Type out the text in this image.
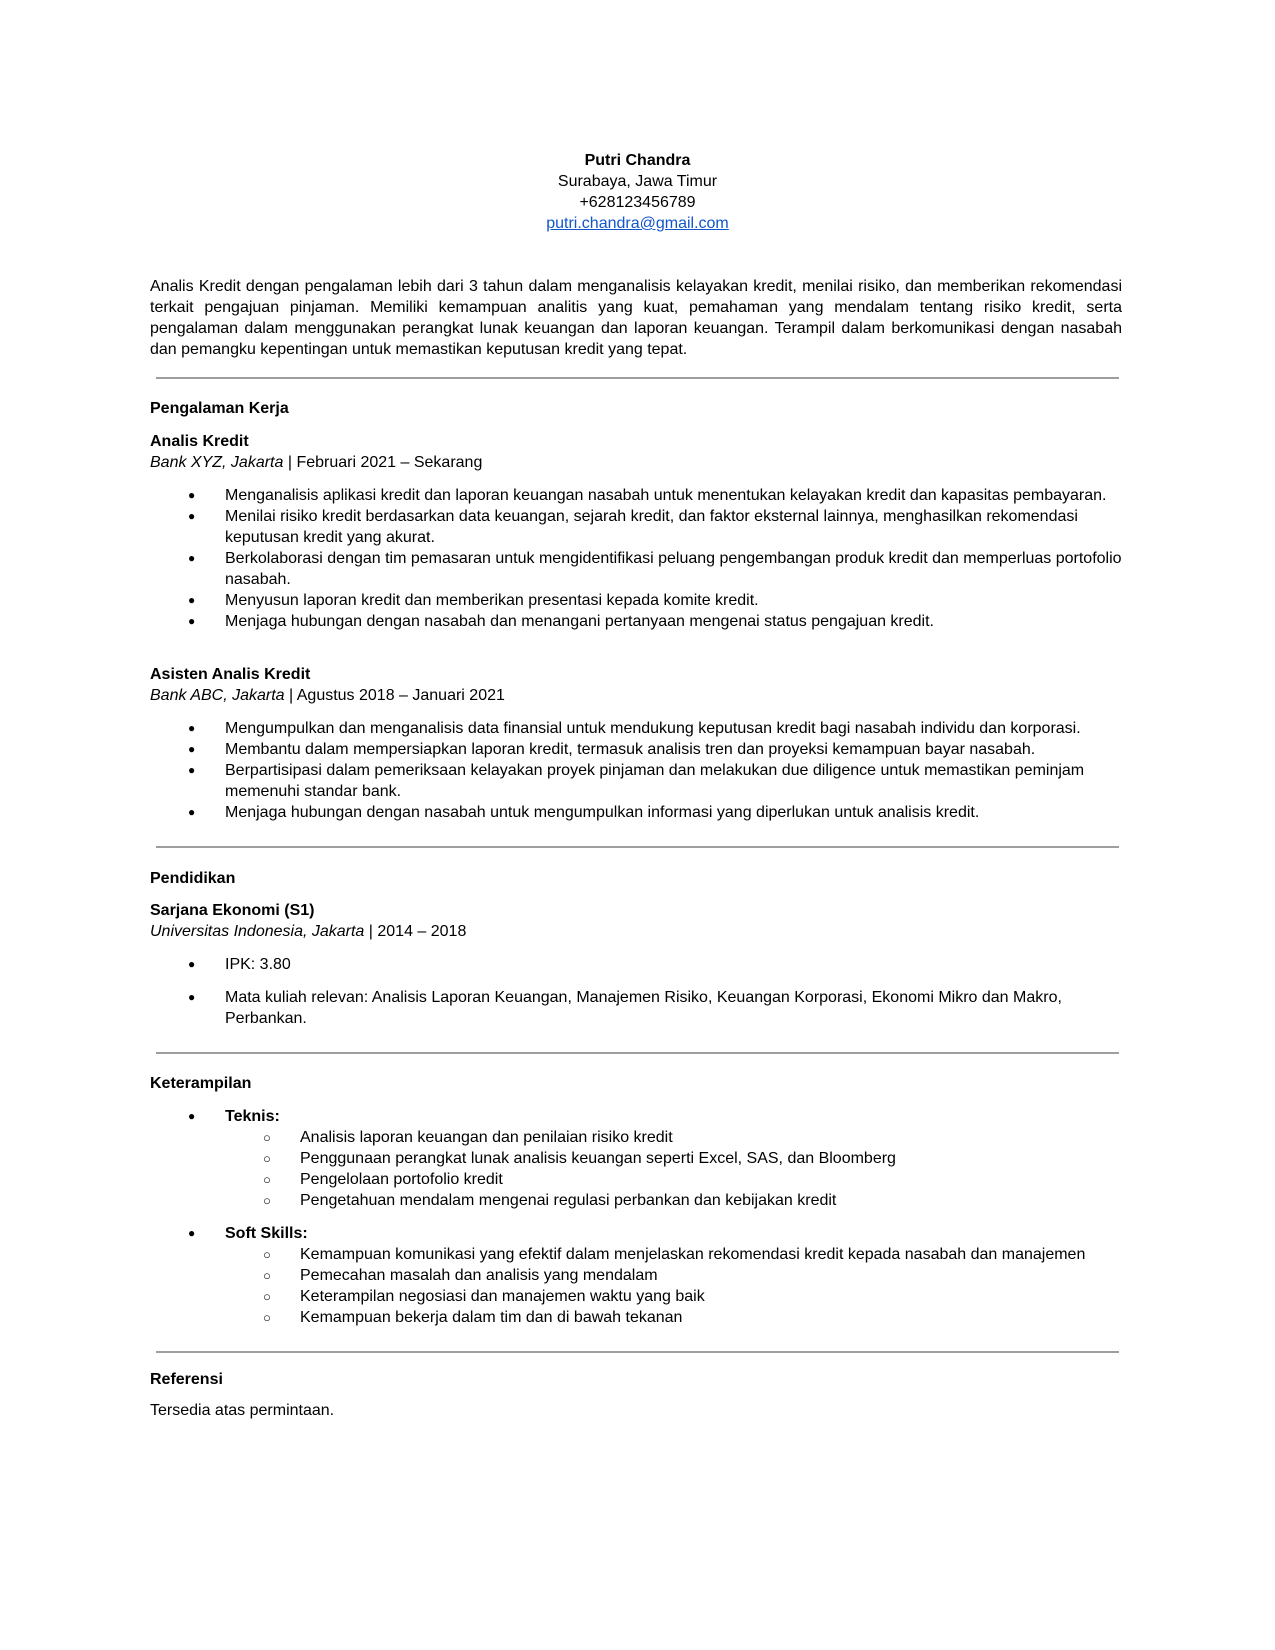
Putri Chandra
Surabaya, Jawa Timur
+628123456789
putri.chandra@gmail.com
Analis Kredit dengan pengalaman lebih dari 3 tahun dalam menganalisis kelayakan kredit, menilai risiko, dan memberikan rekomendasi terkait pengajuan pinjaman. Memiliki kemampuan analitis yang kuat, pemahaman yang mendalam tentang risiko kredit, serta pengalaman dalam menggunakan perangkat lunak keuangan dan laporan keuangan. Terampil dalam berkomunikasi dengan nasabah dan pemangku kepentingan untuk memastikan keputusan kredit yang tepat.
Pengalaman Kerja
Analis Kredit
Bank XYZ, Jakarta | Februari 2021 – Sekarang
● Menganalisis aplikasi kredit dan laporan keuangan nasabah untuk menentukan kelayakan kredit dan kapasitas pembayaran.
● Menilai risiko kredit berdasarkan data keuangan, sejarah kredit, dan faktor eksternal lainnya, menghasilkan rekomendasi keputusan kredit yang akurat.
● Berkolaborasi dengan tim pemasaran untuk mengidentifikasi peluang pengembangan produk kredit dan memperluas portofolio nasabah.
● Menyusun laporan kredit dan memberikan presentasi kepada komite kredit.
● Menjaga hubungan dengan nasabah dan menangani pertanyaan mengenai status pengajuan kredit.
Asisten Analis Kredit
Bank ABC, Jakarta | Agustus 2018 – Januari 2021
● Mengumpulkan dan menganalisis data finansial untuk mendukung keputusan kredit bagi nasabah individu dan korporasi.
● Membantu dalam mempersiapkan laporan kredit, termasuk analisis tren dan proyeksi kemampuan bayar nasabah.
● Berpartisipasi dalam pemeriksaan kelayakan proyek pinjaman dan melakukan due diligence untuk memastikan peminjam memenuhi standar bank.
● Menjaga hubungan dengan nasabah untuk mengumpulkan informasi yang diperlukan untuk analisis kredit.
Pendidikan
Sarjana Ekonomi (S1)
Universitas Indonesia, Jakarta | 2014 – 2018
● IPK: 3.80
● Mata kuliah relevan: Analisis Laporan Keuangan, Manajemen Risiko, Keuangan Korporasi, Ekonomi Mikro dan Makro, Perbankan.
Keterampilan
● Teknis:
○ Analisis laporan keuangan dan penilaian risiko kredit
○ Penggunaan perangkat lunak analisis keuangan seperti Excel, SAS, dan Bloomberg
○ Pengelolaan portofolio kredit
○ Pengetahuan mendalam mengenai regulasi perbankan dan kebijakan kredit
● Soft Skills:
○ Kemampuan komunikasi yang efektif dalam menjelaskan rekomendasi kredit kepada nasabah dan manajemen
○ Pemecahan masalah dan analisis yang mendalam
○ Keterampilan negosiasi dan manajemen waktu yang baik
○ Kemampuan bekerja dalam tim dan di bawah tekanan
Referensi
Tersedia atas permintaan.
